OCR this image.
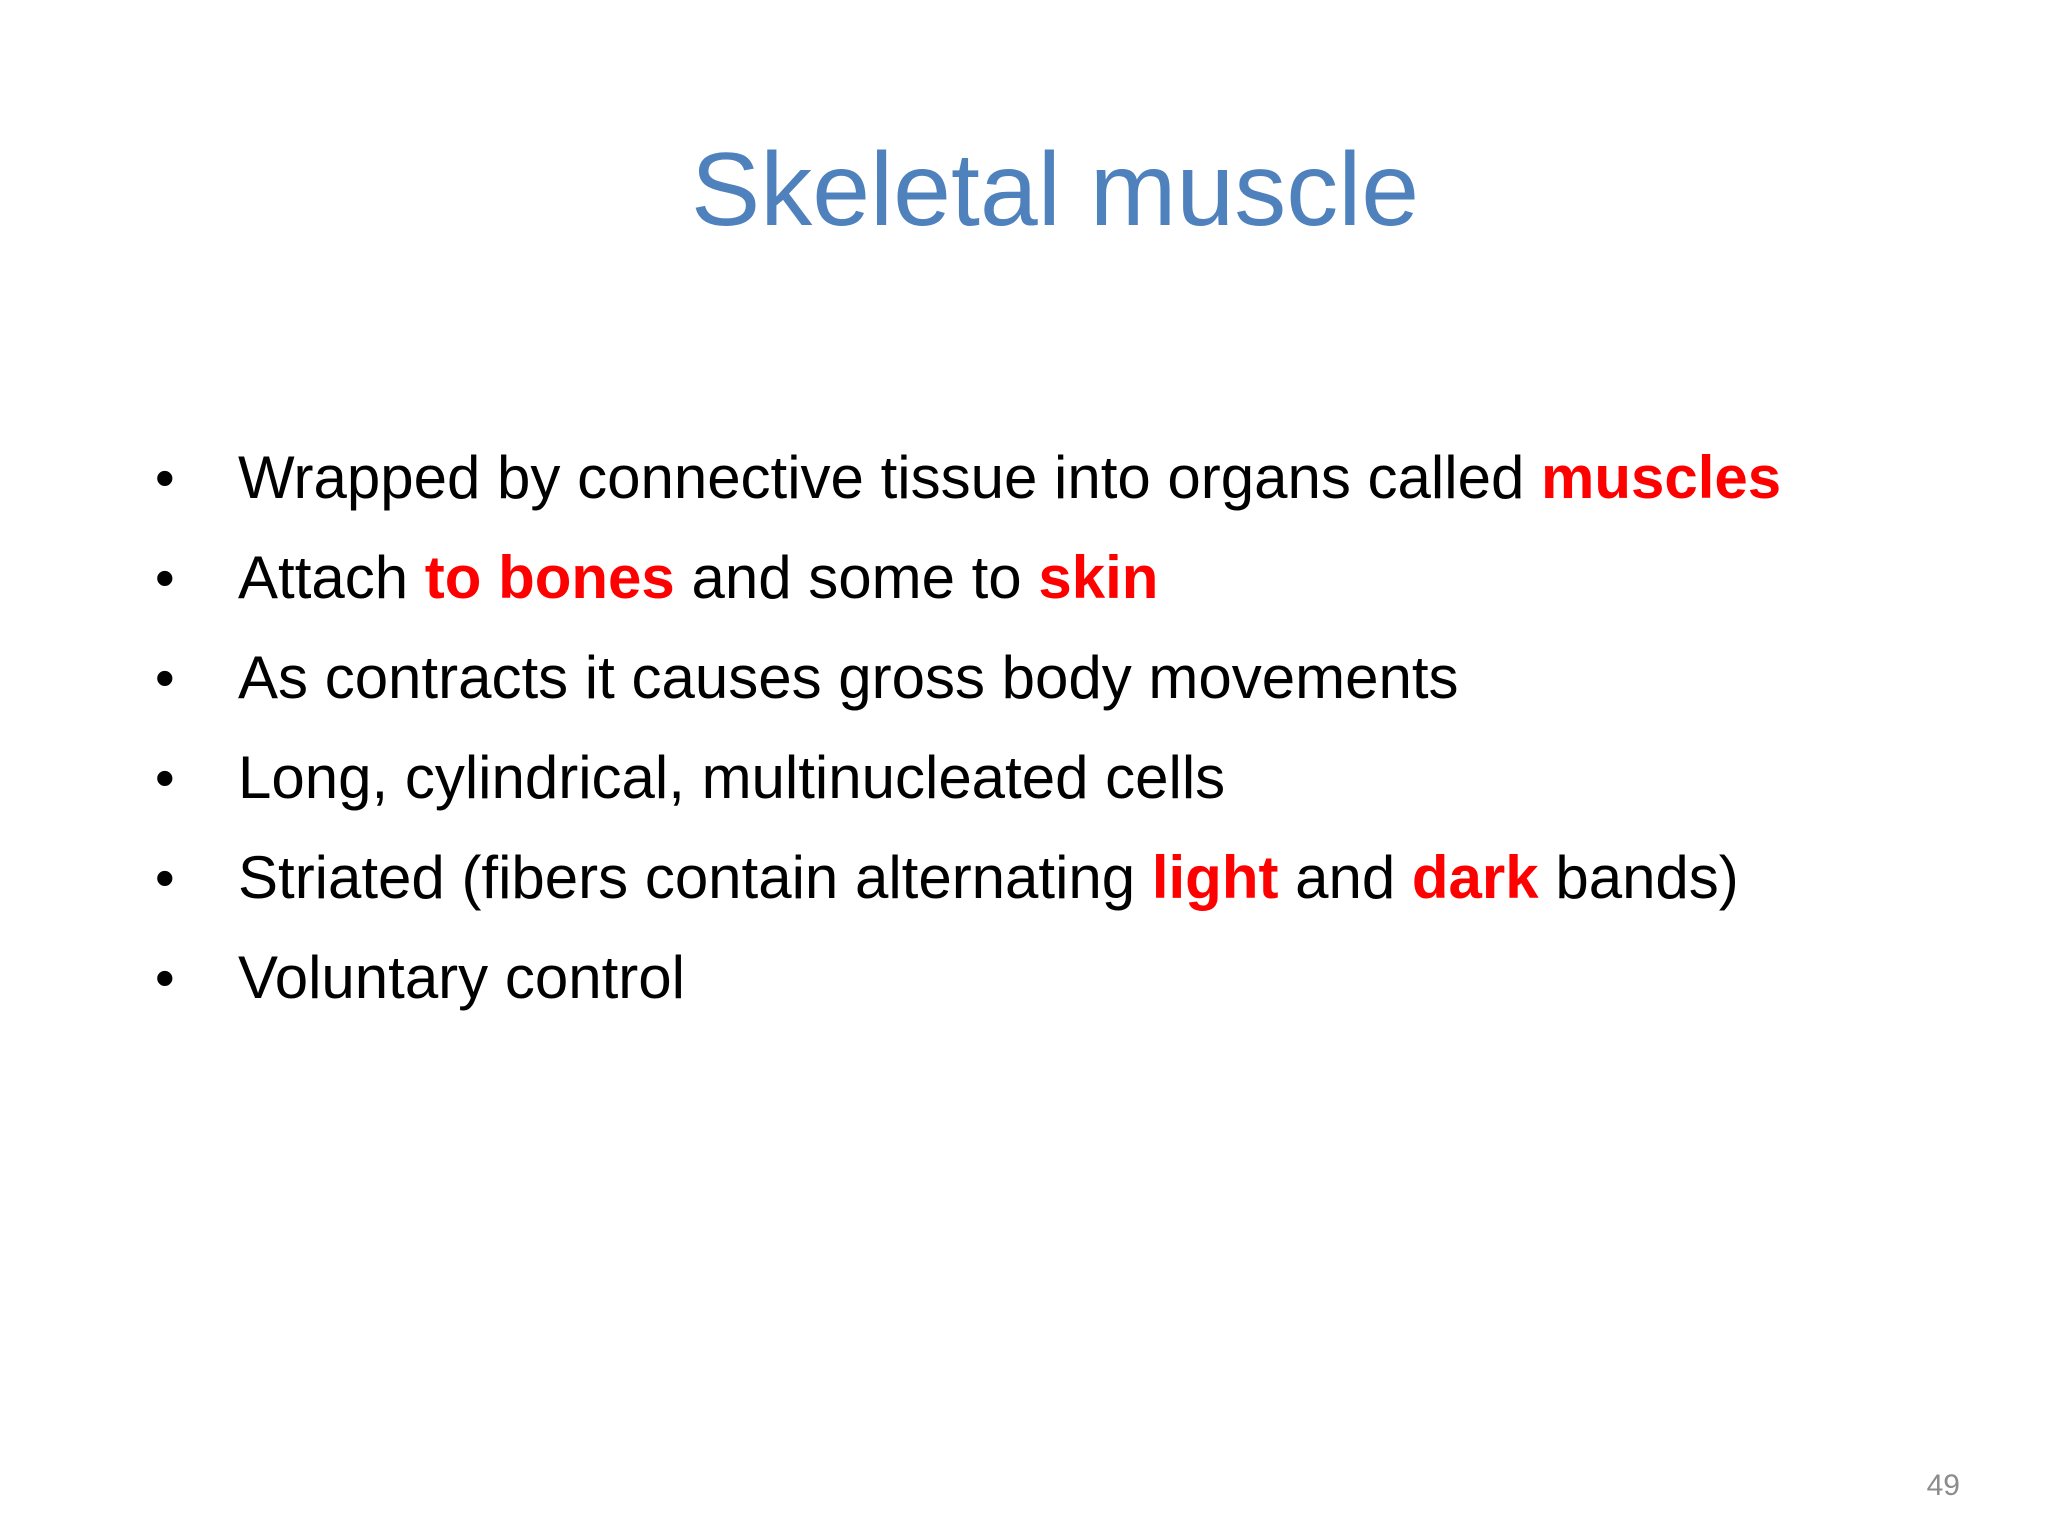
Skeletal muscle
•	Wrapped by connective tissue into organs called muscles
•	Attach to bones and some to skin
•	As contracts it causes gross body movements
•	Long, cylindrical, multinucleated cells
•	Striated (fibers contain alternating light and dark bands)
•	Voluntary control
49
